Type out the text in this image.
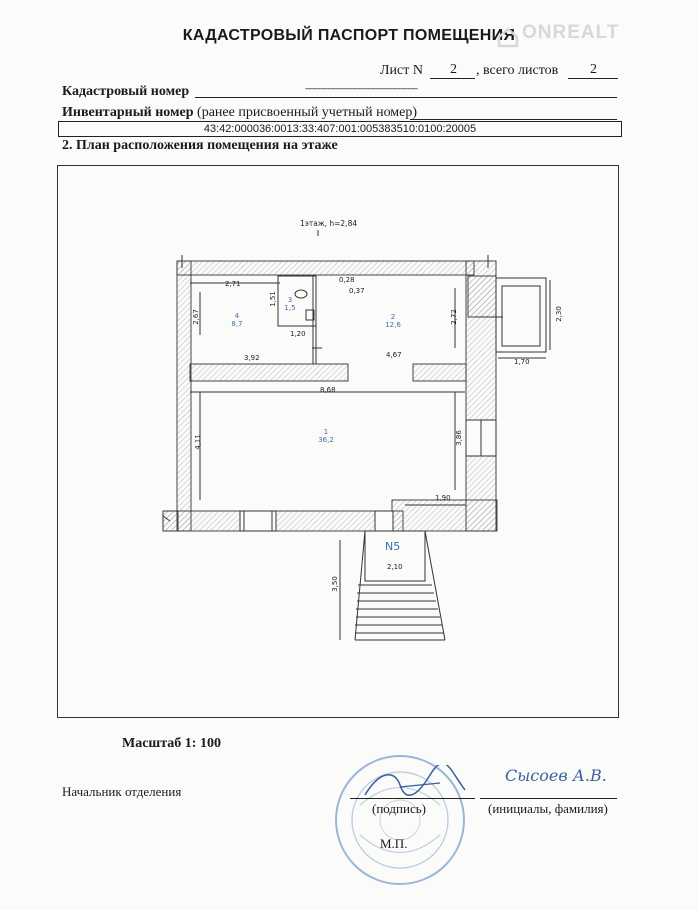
КАДАСТРОВЫЙ ПАСПОРТ ПОМЕЩЕНИЯ ONREALT
Лист N 2 , всего листов 2
Кадастровый номер	---------------------------------------------
Инвентарный номер (ранее присвоенный учетный номер)
43:42:000036:0013:33:407:001:005383510:0100:20005
2. План расположения помещения на этаже
1этаж, h=2,84
1
36,2
2
12,6
3
1,5
4
8,7
2,71
2,67
1,51
1,20
0,28
0,37
2,72
4,67
3,92
8,68
4,11	3,86
1,90
2,30
1,70
2,10
3,50
N5
Масштаб 1: 100
Начальник отделения
(подпись)
Сысоев А.В.
(инициалы, фамилия)
М.П.
